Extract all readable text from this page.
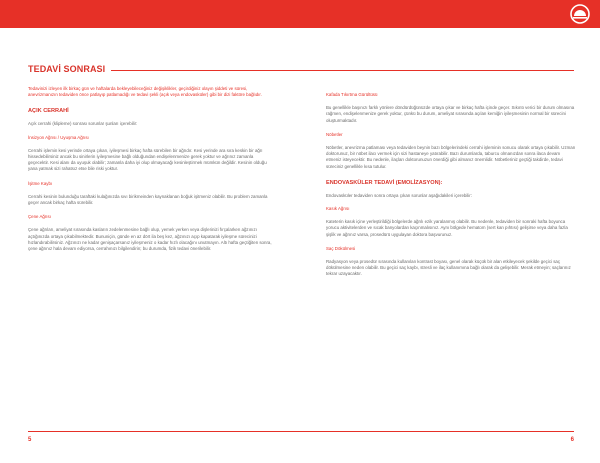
TEDAVİ SONRASI

Tedavinizi izleyen ilk birkaç gün ve haftalarda bekleyebileceğiniz değişiklikler, geçirdiğiniz olayın şiddeti ve süresi, anevrizmanızın tedaviden önce patlayıp patlamadığı ve tedavi şekli (açık veya endovasküler) gibi bir dizi faktöre bağlıdır.

AÇIK CERRAHİ

Açık cerrahi (klipleme) sonrası sorunlar şunları içerebilir:

İnsizyon Ağrısı / Uyuşma Ağrısı

Cerrahi işlemin kesi yerinde ortaya çıkan, iyileşmesi birkaç hafta sürebilen bir ağrıdır. Kesi yerinde ara sıra keskin bir ağrı hissedebilirsiniz ancak bu sinirlerin iyileşmesine bağlı olduğundan endişelenmenize gerek yoktur ve ağrınız zamanla geçecektir. Kesi alanı da uyuşuk olabilir; zamanla daha iyi olup olmayacağı kesinleştirmek mümkün değildir. Kesinin olduğu yana yatmak sizi rahatsız etse bile riski yoktur.

İşitme Kaybı

Cerrahi kesinin bulunduğu taraftaki kulağınızda sıvı birikmeinden kaynaklanan boğuk işitmeniz olabilir. Bu problem zamanla geçer ancak birkaç hafta sürebilir.

Çene Ağrısı

Çene ağrıları, ameliyat sırasında kasların zedelenmesine bağlı olup, yemek yerken veya dişlerinizi fırçalarken ağzınızı açtığınızda ortaya çıkabilmektedir. Bununiçin, günde en az dört ila beş kez, ağzınızı açıp kapatarak iyileşme sürecinizi hızlandırabilirsiniz. Ağzınızı ne kadar genişaçarsanız iyileşmeniz o kadar hızlı olacağını unutmayın. Altı hafta geçtiğiten sonra, çene ağrınız hala devam ediyorsa, cerrahınızı bilgilendirin; bu durumda, fizik tedavi önerilebilir.

Kafada Tıkırtma Gürültüsü

Bu genellikle başınızı farklı yönlere döndürdüğünüzde ortaya çıkar ve birkaç hafta içinde geçer. Sıkıntı verici bir durum olmasına rağmen, endişelenmenize gerek yoktur, çünkü bu durum, ameliyat sırasında açılan kemiğin iyileşmesinin normal bir sürecini oluşturmaktadır.

Nöbetler

Nöbetler, anevrizma patlaması veya tedaviden beynin bazı bölgelerindeki cerrahi işleminin sonucu olarak ortaya çıkabilir. Uzman doktorunuz, bir nöbet ilacı vermek için sizi hastaneye yatırabilir. Bazı durumlarda, taburcu olmanızdan sonra ilaca devam etmeniz isteyecektir. Bu nedenle, ilaçları doktorunuzun önerdiği gibi almanız önemlidir. Nöbetleriniz geçtiği takdirde, tedavi süreciniz genellikle kısa tutulur.

ENDOVASKÜLER TEDAVİ (EMOLİZASYON):

Endovasküler tedaviden sonra ortaya çıkan sorunlar aşağıdakileri içerebilir:

Kasık Ağrısı

Kateterin kasık içine yerleştirildiği bölgelerde ağrılı ezik yaralanmış olabilir. Bu nedenle, tedaviden bir sonraki hafta boyunca yorucu aktivitelerden ve sıcak banyolardan kaçınmalısınız. Aynı bölgede hematom (sert kan pıhtısı) gelişirse veya daha fazla şişlik ve ağrınız varsa, prosedürü uygulayan doktora başvurunuz.

Saç Dökülmesi

Radyasyon veya prosedür sırasında kullanılan kontrast boyası, genel olarak küçük bir alan etkileyecek şekilde geçici saç dökülmesine neden olabilir. Bu geçici saç kaybı, stresli ve ilaç kullanımına bağlı olarak da gelişebilir. Merak etmeyin; saçlarınız tekrar uzayacaktır.

5	6
